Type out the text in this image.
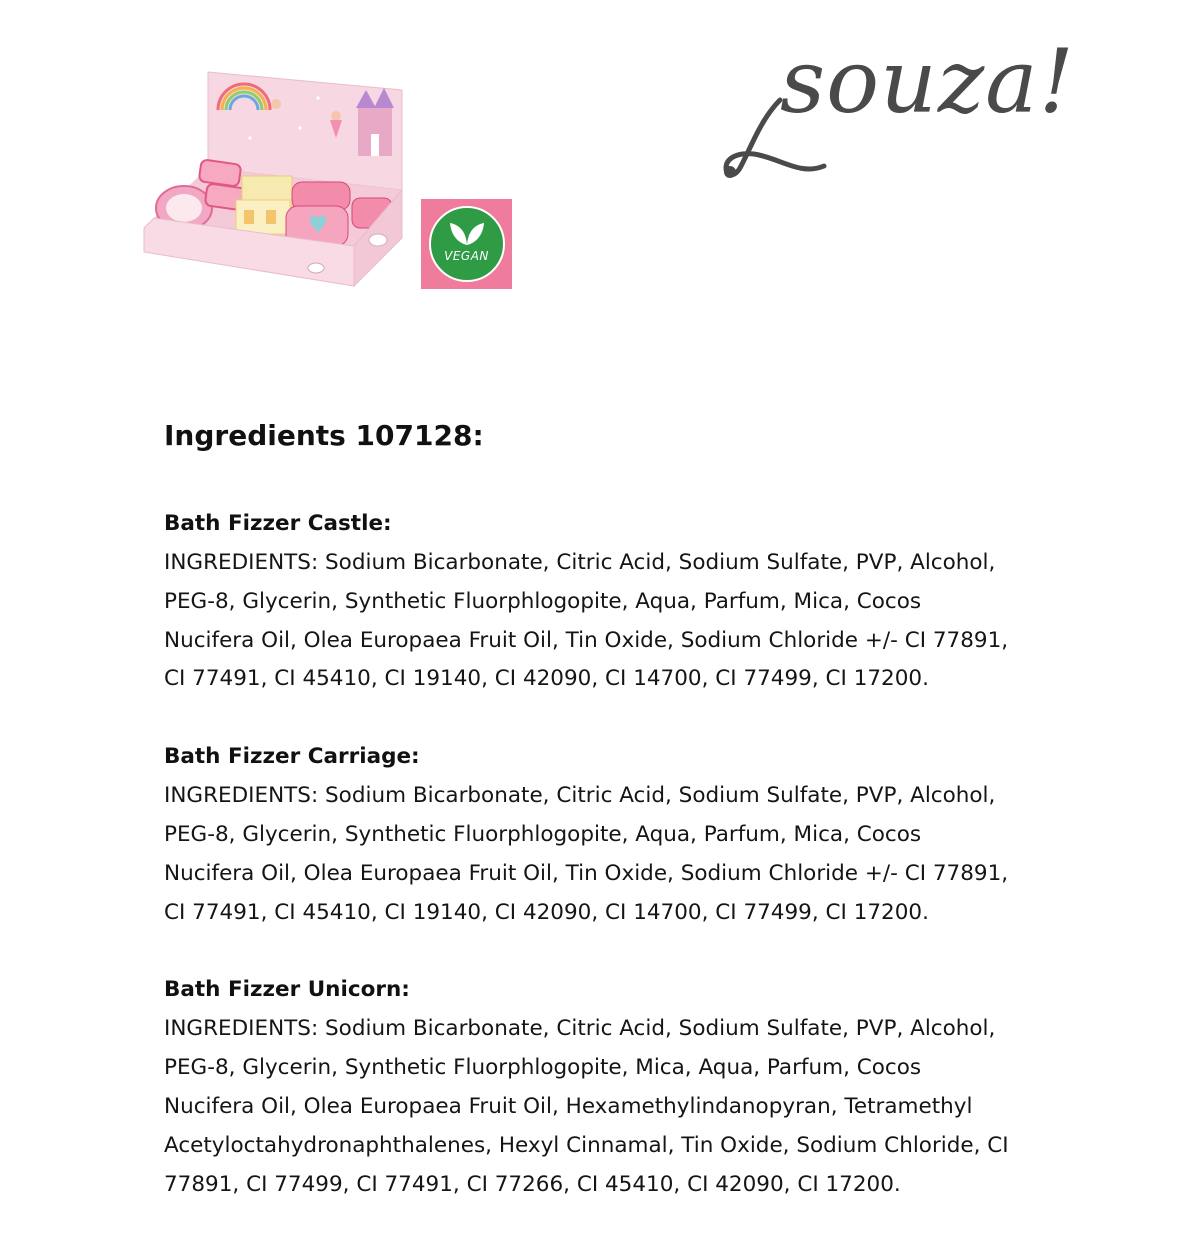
VEGAN
souza!
Ingredients 107128:

Bath Fizzer Castle:

INGREDIENTS: Sodium Bicarbonate, Citric Acid, Sodium Sulfate, PVP, Alcohol,
PEG-8, Glycerin, Synthetic Fluorphlogopite, Aqua, Parfum, Mica, Cocos
Nucifera Oil, Olea Europaea Fruit Oil, Tin Oxide, Sodium Chloride +/- CI 77891,
CI 77491, CI 45410, CI 19140, CI 42090, CI 14700, CI 77499, CI 17200.

Bath Fizzer Carriage:

INGREDIENTS: Sodium Bicarbonate, Citric Acid, Sodium Sulfate, PVP, Alcohol,
PEG-8, Glycerin, Synthetic Fluorphlogopite, Aqua, Parfum, Mica, Cocos
Nucifera Oil, Olea Europaea Fruit Oil, Tin Oxide, Sodium Chloride +/- CI 77891,
CI 77491, CI 45410, CI 19140, CI 42090, CI 14700, CI 77499, CI 17200.

Bath Fizzer Unicorn:

INGREDIENTS: Sodium Bicarbonate, Citric Acid, Sodium Sulfate, PVP, Alcohol,
PEG-8, Glycerin, Synthetic Fluorphlogopite, Mica, Aqua, Parfum, Cocos
Nucifera Oil, Olea Europaea Fruit Oil, Hexamethylindanopyran, Tetramethyl
Acetyloctahydronaphthalenes, Hexyl Cinnamal, Tin Oxide, Sodium Chloride, CI
77891, CI 77499, CI 77491, CI 77266, CI 45410, CI 42090, CI 17200.
